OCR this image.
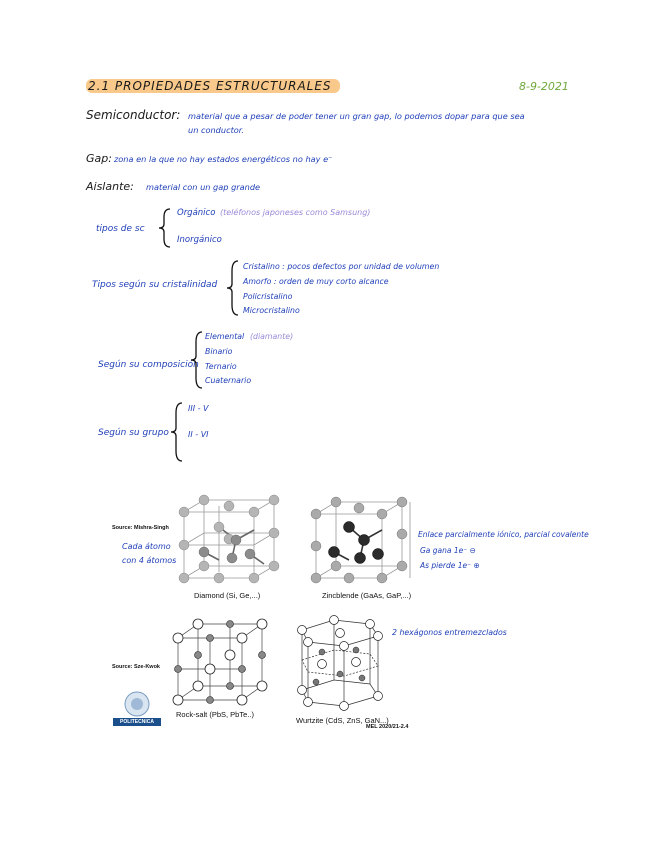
2.1 PROPIEDADES ESTRUCTURALES	8-9-2021
Semiconductor: material que a pesar de poder tener un gran gap, lo podemos dopar para que sea
un conductor.
Gap: zona en la que no hay estados energéticos no hay e⁻
Aislante: material con un gap grande
tipos de sc
Orgánico (teléfonos japoneses como Samsung)
Inorgánico
Tipos según su cristalinidad
Cristalino : pocos defectos por unidad de volumen
Amorfo : orden de muy corto alcance
Policristalino
Microcristalino
Según su composición
Elemental (diamante)
Binario
Ternario
Cuaternario
Según su grupo
III - V
II - VI
Source: Mishra-Singh
Cada átomo
con 4 átomos
Diamond (Si, Ge,...)	Zincblende (GaAs, GaP,...)
Enlace parcialmente iónico, parcial covalente
Ga gana 1e⁻ ⊖
As pierde 1e⁻ ⊕
Source: Sze-Kwok
Rock-salt (PbS, PbTe..)
Wurtzite (CdS, ZnS, GaN...)
MEL 2020/21-2.4
2 hexágonos entremezclados
POLITECNICA
